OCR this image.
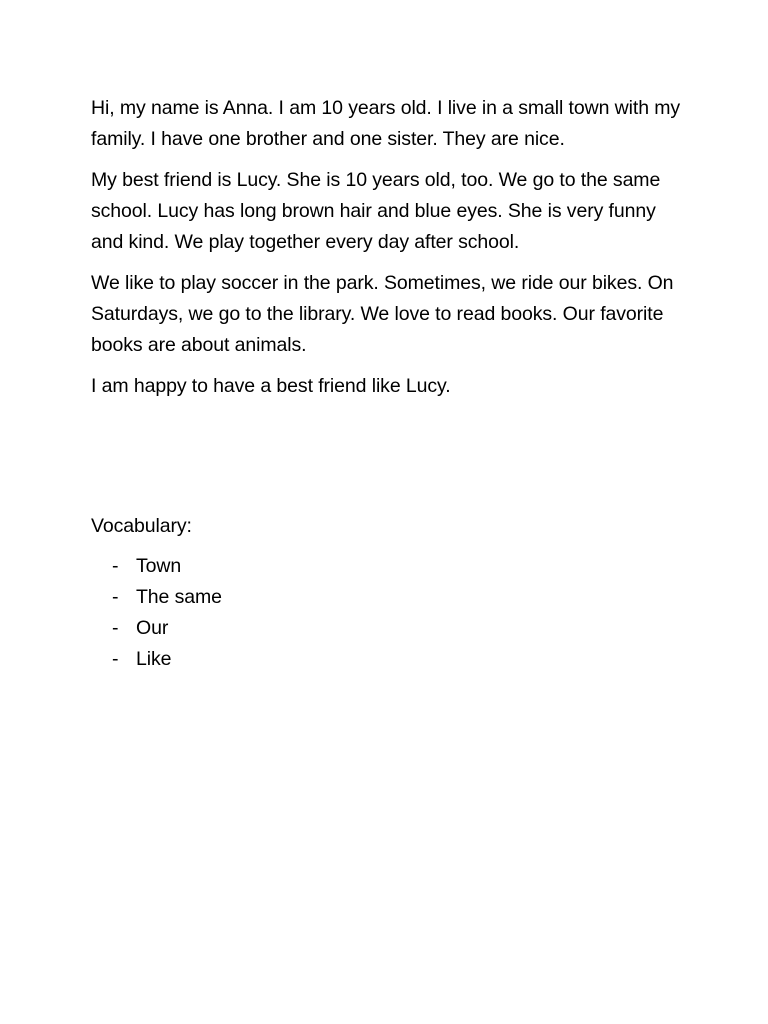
Hi, my name is Anna. I am 10 years old. I live in a small town with my family. I have one brother and one sister. They are nice.

My best friend is Lucy. She is 10 years old, too. We go to the same school. Lucy has long brown hair and blue eyes. She is very funny and kind. We play together every day after school.

We like to play soccer in the park. Sometimes, we ride our bikes. On Saturdays, we go to the library. We love to read books. Our favorite books are about animals.

I am happy to have a best friend like Lucy.

Vocabulary:

- Town
- The same
- Our
- Like
